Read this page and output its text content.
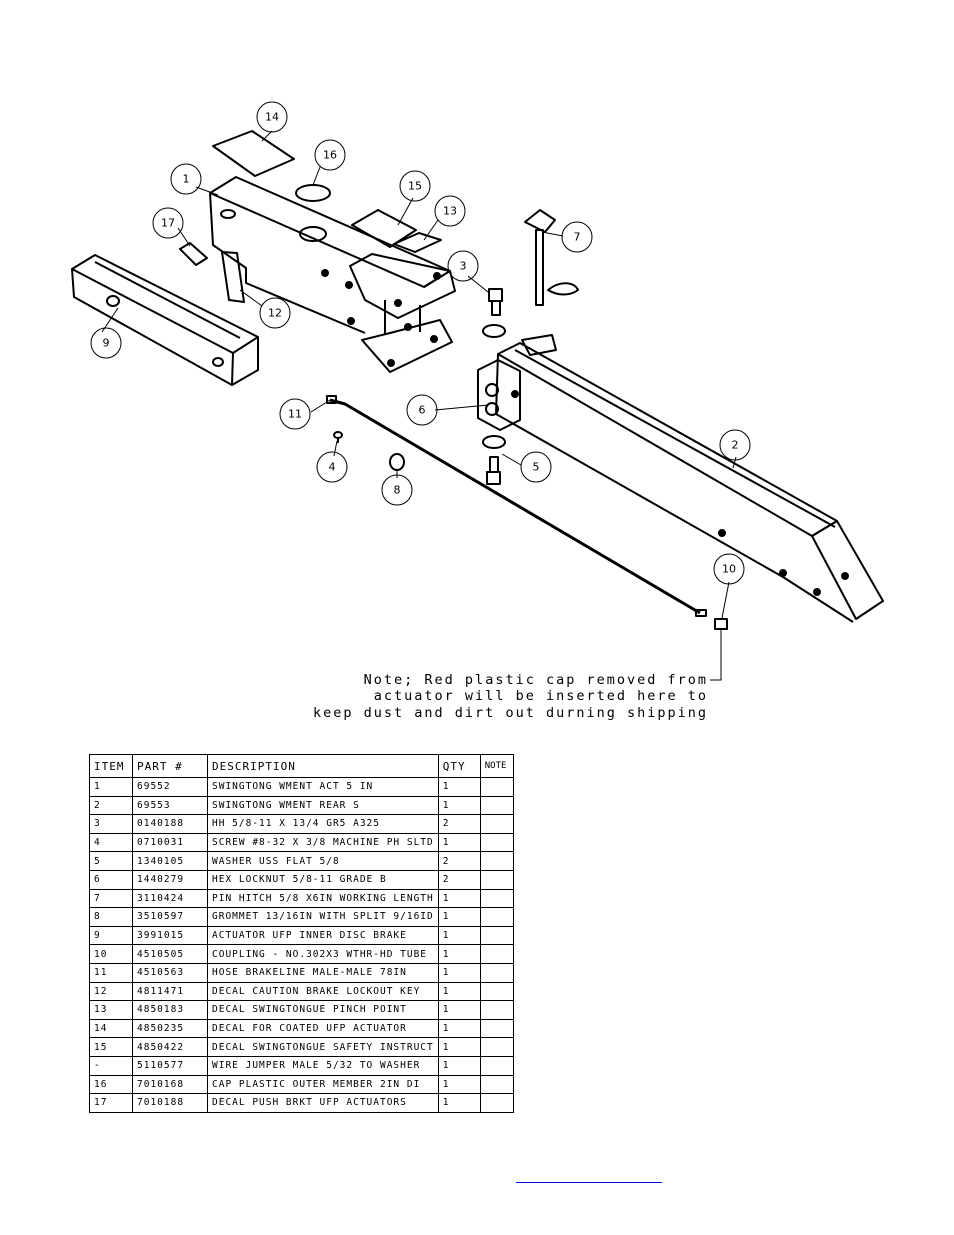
1
2
3
4	5
6
7
8
9
10
11
12
13
14
15
16
17
Note; Red plastic cap removed from
actuator will be inserted here to
keep dust and dirt out durning shipping
ITEM	PART #	DESCRIPTION	QTY	NOTE
1	69552	SWINGTONG WMENT ACT 5 IN	1	
2	69553	SWINGTONG WMENT REAR S	1	
3	0140188	HH 5/8-11 X 13/4 GR5 A325	2	
4	0710031	SCREW #8-32 X 3/8 MACHINE PH SLTD	1	
5	1340105	WASHER USS FLAT 5/8	2	
6	1440279	HEX LOCKNUT 5/8-11 GRADE B	2	
7	3110424	PIN HITCH 5/8 X6IN WORKING LENGTH	1	
8	3510597	GROMMET 13/16IN WITH SPLIT 9/16ID	1	
9	3991015	ACTUATOR UFP INNER DISC BRAKE	1	
10	4510505	COUPLING - NO.302X3 WTHR-HD TUBE	1	
11	4510563	HOSE BRAKELINE MALE-MALE 78IN	1	
12	4811471	DECAL CAUTION BRAKE LOCKOUT KEY	1	
13	4850183	DECAL SWINGTONGUE PINCH POINT	1	
14	4850235	DECAL FOR COATED UFP ACTUATOR	1	
15	4850422	DECAL SWINGTONGUE SAFETY INSTRUCT	1	
-	5110577	WIRE JUMPER MALE 5/32 TO WASHER	1	
16	7010168	CAP PLASTIC OUTER MEMBER 2IN DI	1	
17	7010188	DECAL PUSH BRKT UFP ACTUATORS	1	
